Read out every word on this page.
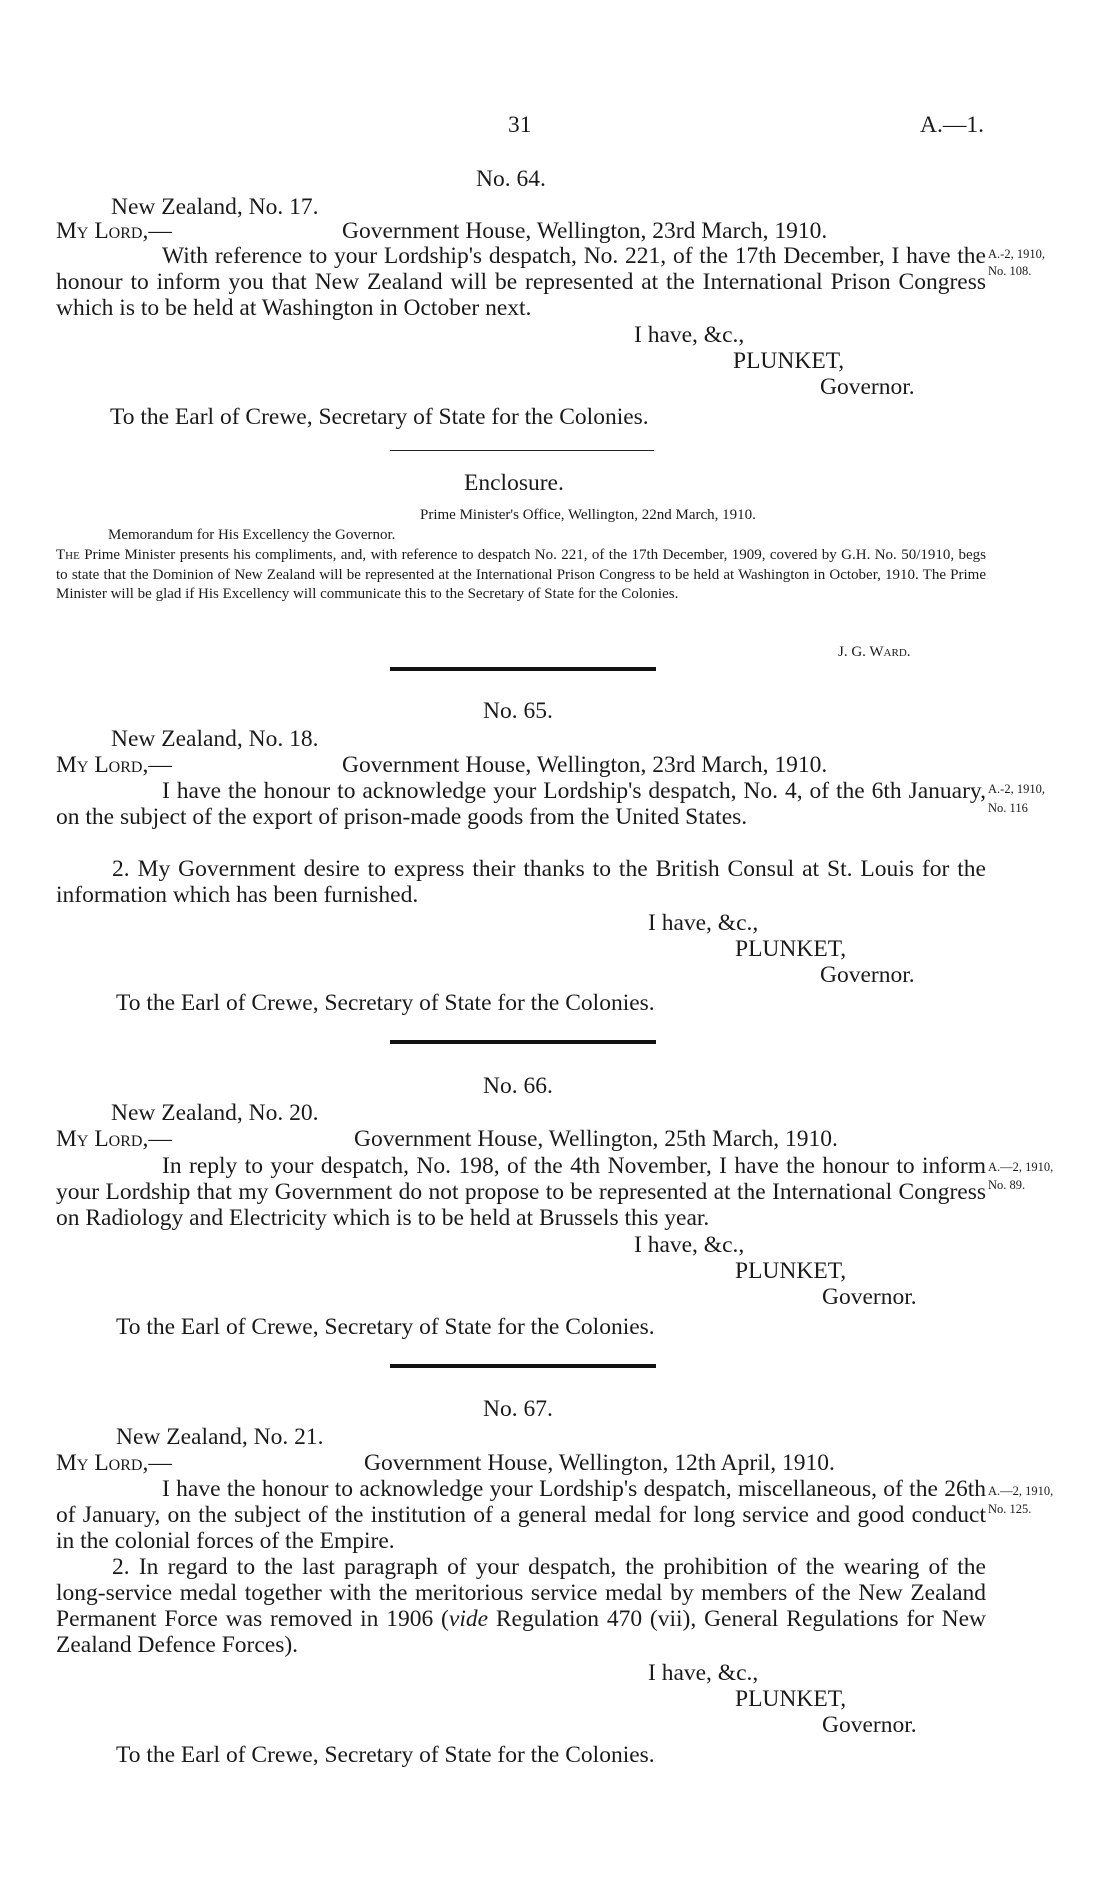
31	A.—1.
No. 64.
New Zealand, No. 17.
My Lord,—	Government House, Wellington, 23rd March, 1910.
With reference to your Lordship's despatch, No. 221, of the 17th December, I have the honour to inform you that New Zealand will be represented at the International Prison Congress which is to be held at Washington in October next.
I have, &c.,
PLUNKET,
Governor.
To the Earl of Crewe, Secretary of State for the Colonies.
A.-2, 1910,
No. 108.
Enclosure.
Prime Minister's Office, Wellington, 22nd March, 1910.
Memorandum for His Excellency the Governor.
The Prime Minister presents his compliments, and, with reference to despatch No. 221, of the 17th December, 1909, covered by G.H. No. 50/1910, begs to state that the Dominion of New Zealand will be represented at the International Prison Congress to be held at Washington in October, 1910. The Prime Minister will be glad if His Excellency will communicate this to the Secretary of State for the Colonies.
J. G. Ward.
No. 65.
New Zealand, No. 18.
My Lord,—	Government House, Wellington, 23rd March, 1910.
I have the honour to acknowledge your Lordship's despatch, No. 4, of the 6th January, on the subject of the export of prison-made goods from the United States.
2. My Government desire to express their thanks to the British Consul at St. Louis for the information which has been furnished.
I have, &c.,
PLUNKET,
Governor.
To the Earl of Crewe, Secretary of State for the Colonies.
A.-2, 1910,
No. 116
No. 66.
New Zealand, No. 20.
My Lord,—	Government House, Wellington, 25th March, 1910.
In reply to your despatch, No. 198, of the 4th November, I have the honour to inform your Lordship that my Government do not propose to be represented at the International Congress on Radiology and Electricity which is to be held at Brussels this year.
I have, &c.,
PLUNKET,
Governor.
To the Earl of Crewe, Secretary of State for the Colonies.
A.—2, 1910,
No. 89.
No. 67.
New Zealand, No. 21.
My Lord,—	Government House, Wellington, 12th April, 1910.
I have the honour to acknowledge your Lordship's despatch, miscellaneous, of the 26th of January, on the subject of the institution of a general medal for long service and good conduct in the colonial forces of the Empire.
2. In regard to the last paragraph of your despatch, the prohibition of the wearing of the long-service medal together with the meritorious service medal by members of the New Zealand Permanent Force was removed in 1906 (vide Regulation 470 (vii), General Regulations for New Zealand Defence Forces).
I have, &c.,
PLUNKET,
Governor.
To the Earl of Crewe, Secretary of State for the Colonies.
A.—2, 1910,
No. 125.
